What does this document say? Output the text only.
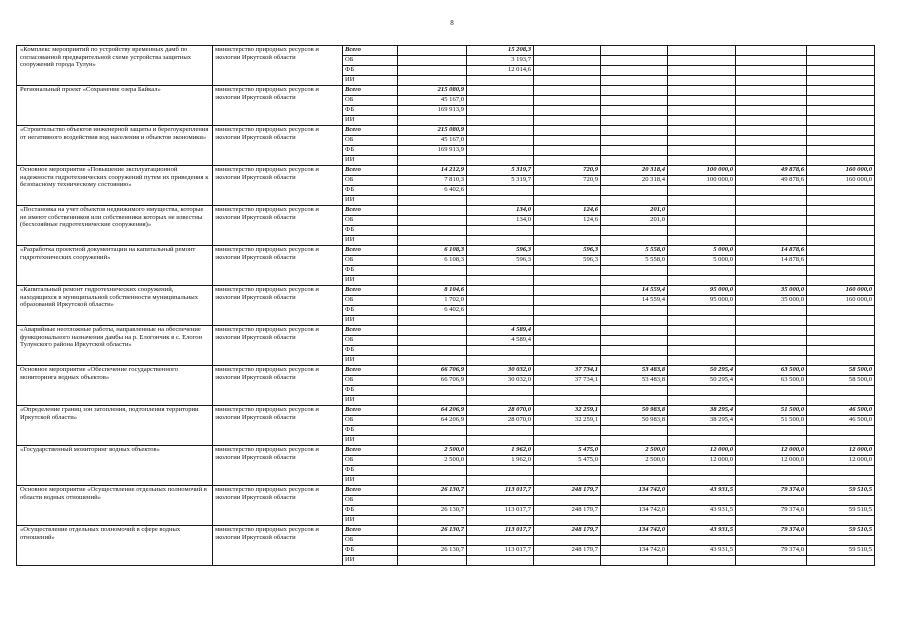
8
«Комплекс мероприятий по устройству временных дамб по согласованной предварительной схеме устройства защитных сооружений города Тулун»	министерство природных ресурсов и экологии Иркутской области	Всего		15 208,3					
		ОБ		3 193,7					
		ФБ		12 014,6					
		ИИ							
Региональный проект «Сохранение озера Байкал»	министерство природных ресурсов и экологии Иркутской области	Всего	215 080,9						
		ОБ	45 167,0						
		ФБ	169 913,9						
		ИИ							
«Строительство объектов инженерной защиты и берегоукрепления от негативного воздействия вод населения и объектов экономики»	министерство природных ресурсов и экологии Иркутской области	Всего	215 080,9						
		ОБ	45 167,0						
		ФБ	169 913,9						
		ИИ							
Основное мероприятие «Повышение эксплуатационной надежности гидротехнических сооружений путем их приведения к безопасному техническому состоянию»	министерство природных ресурсов и экологии Иркутской области	Всего	14 212,9	5 319,7	720,9	20 318,4	100 000,0	49 878,6	160 000,0
		ОБ	7 810,3	5 319,7	720,9	20 318,4	100 000,0	49 878,6	160 000,0
		ФБ	6 402,6						
		ИИ							
«Постановка на учет объектов недвижимого имущества, которые не имеют собственников или собственники которых не известны (бесхозяйные гидротехнические сооружения)»	министерство природных ресурсов и экологии Иркутской области	Всего		134,0	124,6	201,0			
		ОБ		134,0	124,6	201,0			
		ФБ							
		ИИ							
«Разработка проектной документации на капитальный ремонт гидротехнических сооружений»	министерство природных ресурсов и экологии Иркутской области	Всего	6 108,3	596,3	596,3	5 558,0	5 000,0	14 878,6	
		ОБ	6 108,3	596,3	596,3	5 558,0	5 000,0	14 878,6	
		ФБ							
		ИИ							
«Капитальный ремонт гидротехнических сооружений, находящихся в муниципальной собственности муниципальных образований Иркутской области»	министерство природных ресурсов и экологии Иркутской области	Всего	8 104,6			14 559,4	95 000,0	35 000,0	160 000,0
		ОБ	1 702,0			14 559,4	95 000,0	35 000,0	160 000,0
		ФБ	6 402,6						
		ИИ							
«Аварийные неотложные работы, направленные на обеспечение функционального назначения дамбы на р. Елогончик в с. Елогон Тулунского района Иркутской области»	министерство природных ресурсов и экологии Иркутской области	Всего		4 589,4					
		ОБ		4 589,4					
		ФБ							
		ИИ							
Основное мероприятие «Обеспечение государственного мониторинга водных объектов»	министерство природных ресурсов и экологии Иркутской области	Всего	66 706,9	30 032,0	37 734,1	53 483,8	50 295,4	63 500,0	58 500,0
		ОБ	66 706,9	30 032,0	37 734,1	53 483,8	50 295,4	63 500,0	58 500,0
		ФБ							
		ИИ							
«Определение границ зон затопления, подтопления территории Иркутской области»	министерство природных ресурсов и экологии Иркутской области	Всего	64 206,9	28 070,0	32 259,1	50 983,8	38 295,4	51 500,0	46 500,0
		ОБ	64 206,9	28 070,0	32 259,1	50 983,8	38 295,4	51 500,0	46 500,0
		ФБ							
		ИИ							
«Государственный мониторинг водных объектов»	министерство природных ресурсов и экологии Иркутской области	Всего	2 500,0	1 962,0	5 475,0	2 500,0	12 000,0	12 000,0	12 000,0
		ОБ	2 500,0	1 962,0	5 475,0	2 500,0	12 000,0	12 000,0	12 000,0
		ФБ							
		ИИ							
Основное мероприятие «Осуществление отдельных полномочий в области водных отношений»	министерство природных ресурсов и экологии Иркутской области	Всего	26 130,7	113 017,7	248 179,7	134 742,0	43 931,5	79 374,0	59 510,5
		ОБ							
		ФБ	26 130,7	113 017,7	248 179,7	134 742,0	43 931,5	79 374,0	59 510,5
		ИИ							
«Осуществление отдельных полномочий в сфере водных отношений»	министерство природных ресурсов и экологии Иркутской области	Всего	26 130,7	113 017,7	248 179,7	134 742,0	43 931,5	79 374,0	59 510,5
		ОБ							
		ФБ	26 130,7	113 017,7	248 179,7	134 742,0	43 931,5	79 374,0	59 510,5
		ИИ							
